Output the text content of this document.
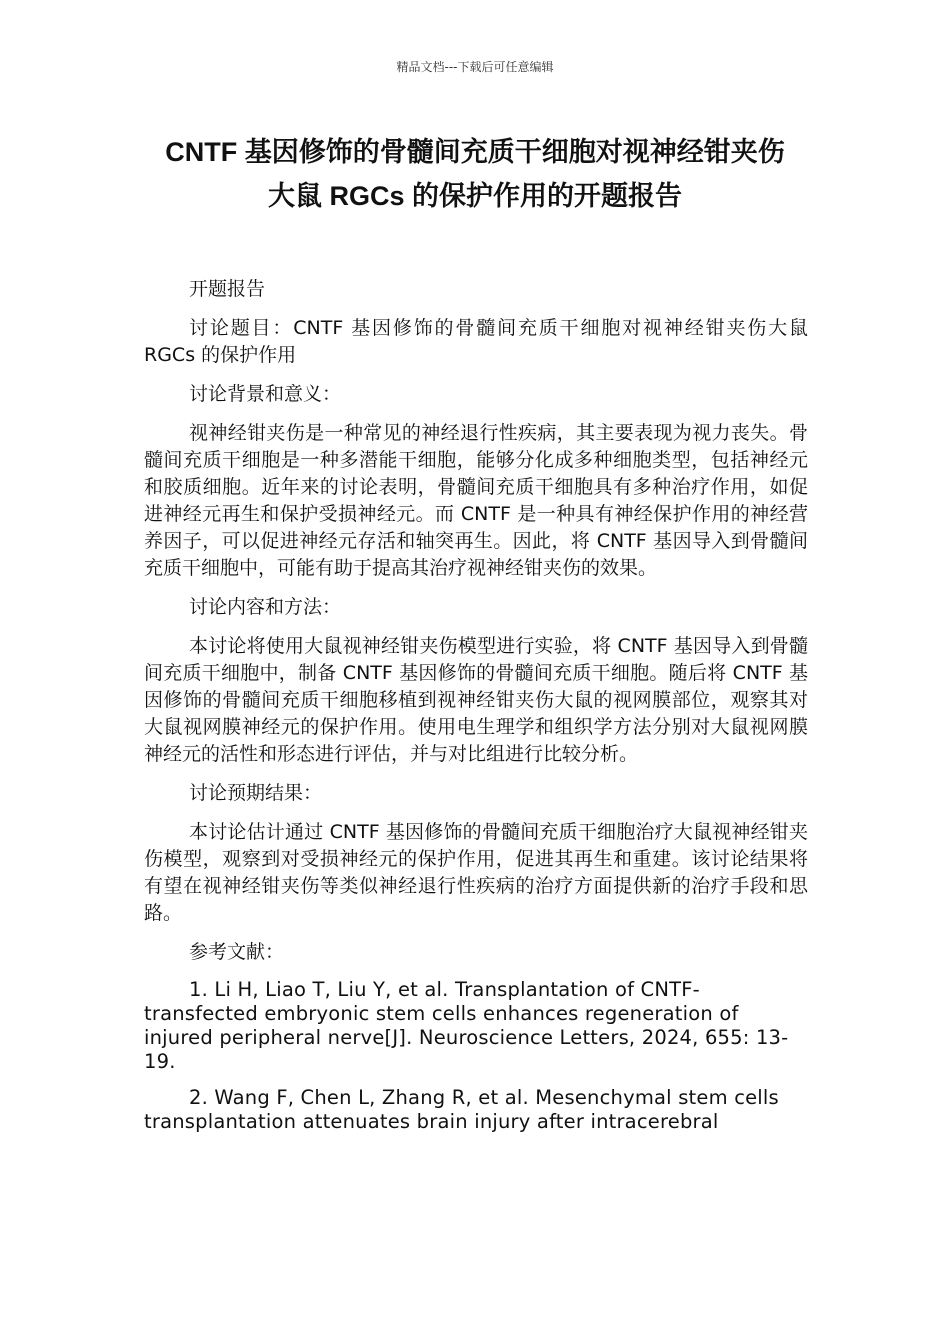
精品文档---下载后可任意编辑
CNTF 基因修饰的骨髓间充质干细胞对视神经钳夹伤
大鼠 RGCs 的保护作用的开题报告

开题报告

讨论题目：CNTF 基因修饰的骨髓间充质干细胞对视神经钳夹伤大鼠 RGCs 的保护作用

讨论背景和意义：

视神经钳夹伤是一种常见的神经退行性疾病，其主要表现为视力丧失。骨髓间充质干细胞是一种多潜能干细胞，能够分化成多种细胞类型，包括神经元和胶质细胞。近年来的讨论表明，骨髓间充质干细胞具有多种治疗作用，如促进神经元再生和保护受损神经元。而 CNTF 是一种具有神经保护作用的神经营养因子，可以促进神经元存活和轴突再生。因此，将 CNTF 基因导入到骨髓间充质干细胞中，可能有助于提高其治疗视神经钳夹伤的效果。

讨论内容和方法：

本讨论将使用大鼠视神经钳夹伤模型进行实验，将 CNTF 基因导入到骨髓间充质干细胞中，制备 CNTF 基因修饰的骨髓间充质干细胞。随后将 CNTF 基因修饰的骨髓间充质干细胞移植到视神经钳夹伤大鼠的视网膜部位，观察其对大鼠视网膜神经元的保护作用。使用电生理学和组织学方法分别对大鼠视网膜神经元的活性和形态进行评估，并与对比组进行比较分析。

讨论预期结果：

本讨论估计通过 CNTF 基因修饰的骨髓间充质干细胞治疗大鼠视神经钳夹伤模型，观察到对受损神经元的保护作用，促进其再生和重建。该讨论结果将有望在视神经钳夹伤等类似神经退行性疾病的治疗方面提供新的治疗手段和思路。

参考文献：

1. Li H, Liao T, Liu Y, et al. Transplantation of CNTF-transfected embryonic stem cells enhances regeneration of injured peripheral nerve[J]. Neuroscience Letters, 2024, 655: 13-19.

2. Wang F, Chen L, Zhang R, et al. Mesenchymal stem cells transplantation attenuates brain injury after intracerebral
